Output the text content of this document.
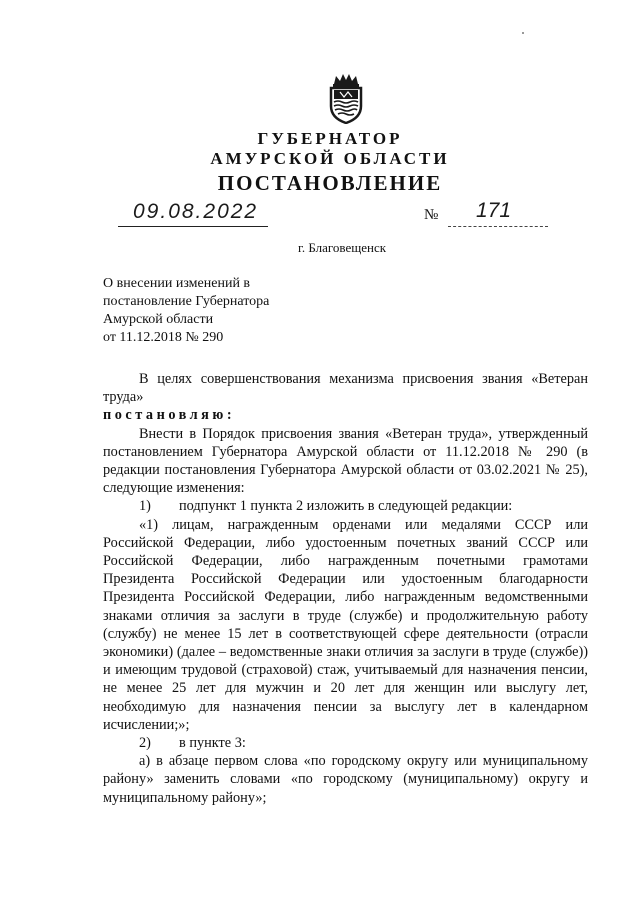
ГУБЕРНАТОР
АМУРСКОЙ ОБЛАСТИ
ПОСТАНОВЛЕНИЕ
09.08.2022	№ 171
г. Благовещенск
О внесении изменений в
постановление Губернатора
Амурской области
от 11.12.2018 № 290

В целях совершенствования механизма присвоения звания «Ветеран труда»

постановляю:

Внести в Порядок присвоения звания «Ветеран труда», утвержденный постановлением Губернатора Амурской области от 11.12.2018 № 290 (в редакции постановления Губернатора Амурской области от 03.02.2021 № 25), следующие изменения:

1) подпункт 1 пункта 2 изложить в следующей редакции:

«1) лицам, награжденным орденами или медалями СССР или Российской Федерации, либо удостоенным почетных званий СССР или Российской Федерации, либо награжденным почетными грамотами Президента Российской Федерации или удостоенным благодарности Президента Российской Федерации, либо награжденным ведомственными знаками отличия за заслуги в труде (службе) и продолжительную работу (службу) не менее 15 лет в соответствующей сфере деятельности (отрасли экономики) (далее – ведомственные знаки отличия за заслуги в труде (службе)) и имеющим трудовой (страховой) стаж, учитываемый для назначения пенсии, не менее 25 лет для мужчин и 20 лет для женщин или выслугу лет, необходимую для назначения пенсии за выслугу лет в календарном исчислении;»;

2) в пункте 3:

а) в абзаце первом слова «по городскому округу или муниципальному району» заменить словами «по городскому (муниципальному) округу и муниципальному району»;
